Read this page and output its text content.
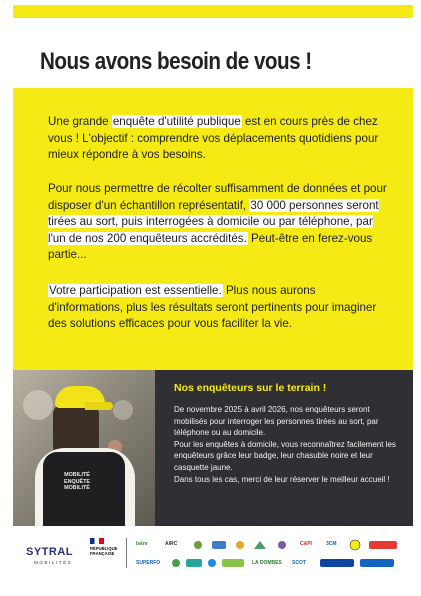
Nous avons besoin de vous !
Une grande enquête d'utilité publique est en cours près de chez vous ! L'objectif : comprendre vos déplacements quotidiens pour mieux répondre à vos besoins.
Pour nous permettre de récolter suffisamment de données et pour disposer d'un échantillon représentatif, 30 000 personnes seront tirées au sort, puis interrogées à domicile ou par téléphone, par l'un de nos 200 enquêteurs accrédités. Peut-être en ferez-vous partie...
Votre participation est essentielle. Plus nous aurons d'informations, plus les résultats seront pertinents pour imaginer des solutions efficaces pour vous faciliter la vie.
MOBILITÉ
ENQUÊTE
MOBILITÉ
Nos enquêteurs sur le terrain !
De novembre 2025 à avril 2026, nos enquêteurs seront mobilisés pour interroger les personnes tirées au sort, par téléphone ou au domicile.
Pour les enquêtes à domicile, vous reconnaîtrez facilement les enquêteurs grâce leur badge, leur chasuble noire et leur casquette jaune.
Dans tous les cas, merci de leur réserver le meilleur accueil !
SYTRAL
MOBILITÉS
RÉPUBLIQUE
FRANÇAISE
Isère	AIRC	CAPI	3CM
SUPERFO	LA DOMBES SCOT
